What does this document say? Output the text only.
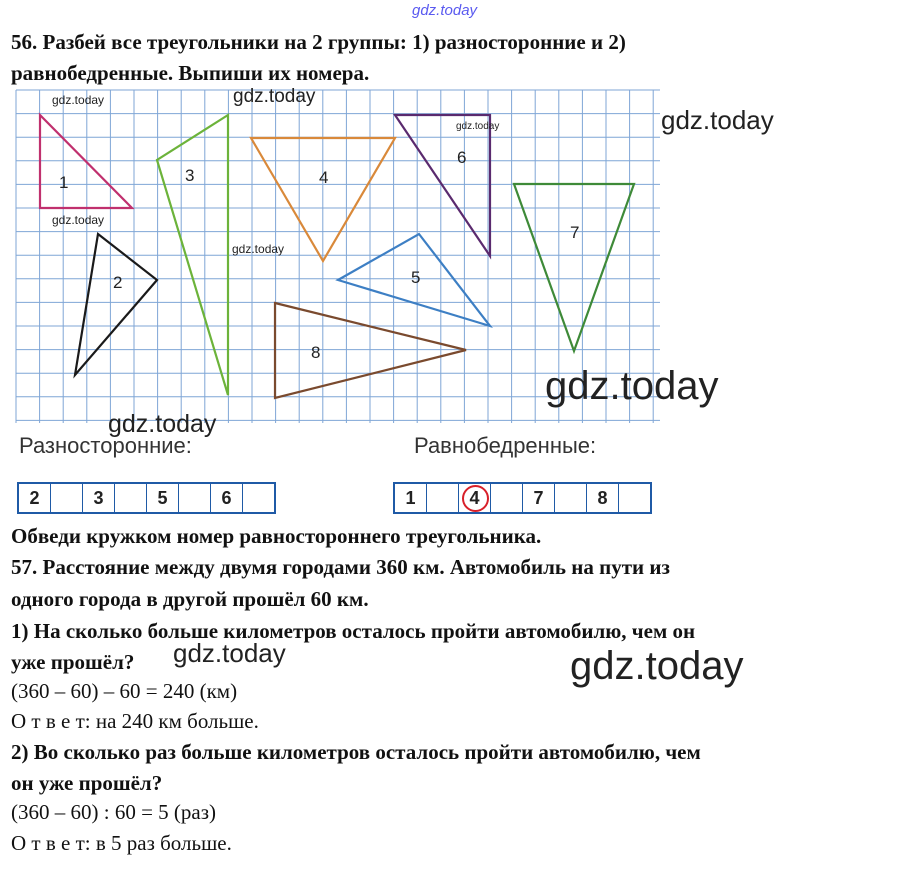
gdz.today
56. Разбей все треугольники на 2 группы: 1) разносторонние и 2)
равнобедренные. Выпиши их номера.
1
2
3	4
5
6
7
8
Разносторонние:	Равнобедренные:
2	3	5	6	1	4	7	8
gdz.today	gdz.today
gdz.today	gdz.today
gdz.today
gdz.today
gdz.today
gdz.today
Обведи кружком номер равностороннего треугольника.
57. Расстояние между двумя городами 360 км. Автомобиль на пути из
одного города в другой прошёл 60 км.
1) На сколько больше километров осталось пройти автомобилю, чем он
уже прошёл?
(360 – 60) – 60 = 240 (км)
О т в е т: на 240 км больше.
2) Во сколько раз больше километров осталось пройти автомобилю, чем
он уже прошёл?
(360 – 60) : 60 = 5 (раз)
О т в е т: в 5 раз больше.
gdz.today	gdz.today
